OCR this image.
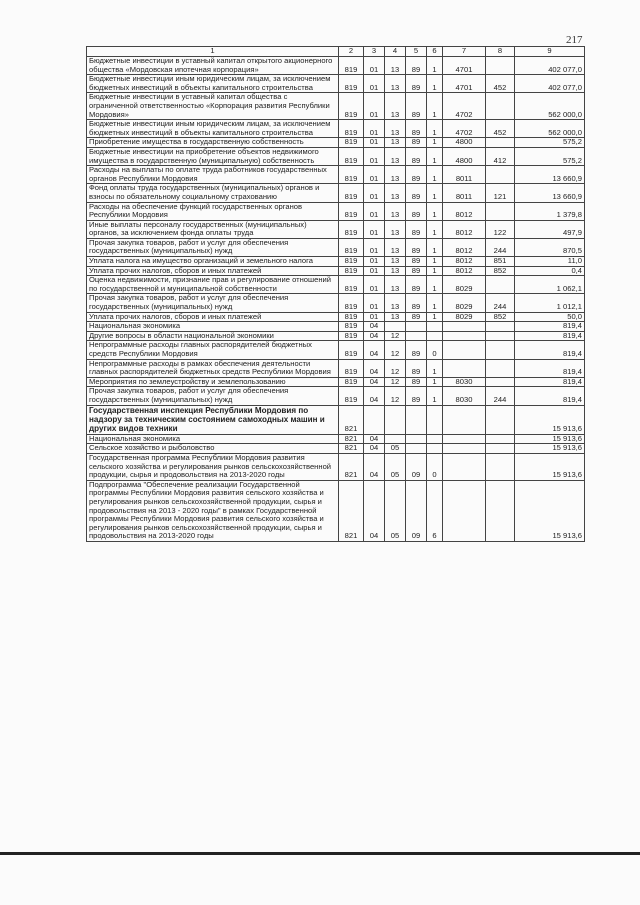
217
1	2	3	4	5	6	7	8	9
Бюджетные инвестиции в уставный капитал открытого акционерного общества «Мордовская ипотечная корпорация»	819	01	13	89	1	4701		402 077,0
Бюджетные инвестиции иным юридическим лицам, за исключением бюджетных инвестиций в объекты капитального строительства	819	01	13	89	1	4701	452	402 077,0
Бюджетные инвестиции в уставный капитал общества с ограниченной ответственностью «Корпорация развития Республики Мордовия»	819	01	13	89	1	4702		562 000,0
Бюджетные инвестиции иным юридическим лицам, за исключением бюджетных инвестиций в объекты капитального строительства	819	01	13	89	1	4702	452	562 000,0
Приобретение имущества в государственную собственность	819	01	13	89	1	4800		575,2
Бюджетные инвестиции на приобретение объектов недвижимого имущества в государственную (муниципальную) собственность	819	01	13	89	1	4800	412	575,2
Расходы на выплаты по оплате труда работников государственных органов Республики Мордовия	819	01	13	89	1	8011		13 660,9
Фонд оплаты труда государственных (муниципальных) органов и взносы по обязательному социальному страхованию	819	01	13	89	1	8011	121	13 660,9
Расходы на обеспечение функций государственных органов Республики Мордовия	819	01	13	89	1	8012		1 379,8
Иные выплаты персоналу государственных (муниципальных) органов, за исключением фонда оплаты труда	819	01	13	89	1	8012	122	497,9
Прочая закупка товаров, работ и услуг для обеспечения государственных (муниципальных) нужд	819	01	13	89	1	8012	244	870,5
Уплата налога на имущество организаций и земельного налога	819	01	13	89	1	8012	851	11,0
Уплата прочих налогов, сборов и иных платежей	819	01	13	89	1	8012	852	0,4
Оценка недвижимости, признание прав и регулирование отношений по государственной и муниципальной собственности	819	01	13	89	1	8029		1 062,1
Прочая закупка товаров, работ и услуг для обеспечения государственных (муниципальных) нужд	819	01	13	89	1	8029	244	1 012,1
Уплата прочих налогов, сборов и иных платежей	819	01	13	89	1	8029	852	50,0
Национальная экономика	819	04						819,4
Другие вопросы в области национальной экономики	819	04	12					819,4
Непрограммные расходы главных распорядителей бюджетных средств Республики Мордовия	819	04	12	89	0			819,4
Непрограммные расходы в рамках обеспечения деятельности главных распорядителей бюджетных средств Республики Мордовия	819	04	12	89	1			819,4
Мероприятия по землеустройству и землепользованию	819	04	12	89	1	8030		819,4
Прочая закупка товаров, работ и услуг для обеспечения государственных (муниципальных) нужд	819	04	12	89	1	8030	244	819,4
Государственная инспекция Республики Мордовия по надзору за техническим состоянием самоходных машин и других видов техники	821							15 913,6
Национальная экономика	821	04						15 913,6
Сельское хозяйство и рыболовство	821	04	05					15 913,6
Государственная программа Республики Мордовия развития сельского хозяйства и регулирования рынков сельскохозяйственной продукции, сырья и продовольствия на 2013-2020 годы	821	04	05	09	0			15 913,6
Подпрограмма "Обеспечение реализации Государственной программы Республики Мордовия развития сельского хозяйства и регулирования рынков сельскохозяйственной продукции, сырья и продовольствия на 2013 - 2020 годы" в рамках Государственной программы Республики Мордовия развития сельского хозяйства и регулирования рынков сельскохозяйственной продукции, сырья и продовольствия на 2013-2020 годы	821	04	05	09	6			15 913,6
